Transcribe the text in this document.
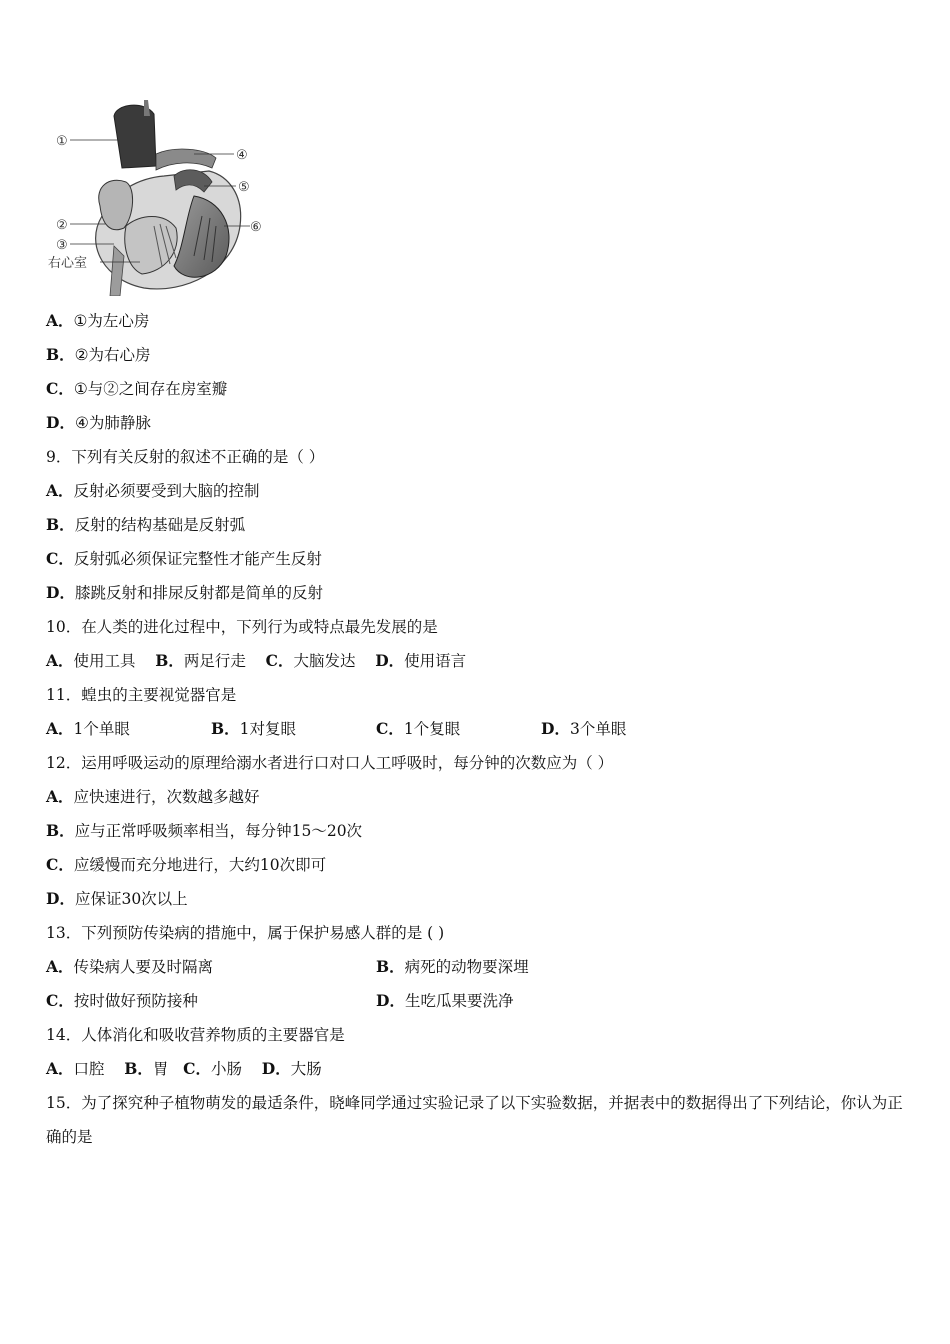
①
④
⑤
⑥
②
③
右心室
A．①为左心房
B．②为右心房
C．①与②之间存在房室瓣
D．④为肺静脉
9．下列有关反射的叙述不正确的是（ ）
A．反射必须要受到大脑的控制
B．反射的结构基础是反射弧
C．反射弧必须保证完整性才能产生反射
D．膝跳反射和排尿反射都是简单的反射
10．在人类的进化过程中，下列行为或特点最先发展的是
A．使用工具 B．两足行走 C．大脑发达 D．使用语言
11．蝗虫的主要视觉器官是
A．1个单眼	B．1对复眼	C．1个复眼	D．3个单眼
12．运用呼吸运动的原理给溺水者进行口对口人工呼吸时，每分钟的次数应为（ ）
A．应快速进行，次数越多越好
B．应与正常呼吸频率相当，每分钟15～20次
C．应缓慢而充分地进行，大约10次即可
D．应保证30次以上
13．下列预防传染病的措施中，属于保护易感人群的是 ( )
A．传染病人要及时隔离	B．病死的动物要深埋
C．按时做好预防接种	D．生吃瓜果要洗净
14．人体消化和吸收营养物质的主要器官是
A．口腔 B．胃 C．小肠 D．大肠
15．为了探究种子植物萌发的最适条件，晓峰同学通过实验记录了以下实验数据，并据表中的数据得出了下列结论，你认为正确的是
